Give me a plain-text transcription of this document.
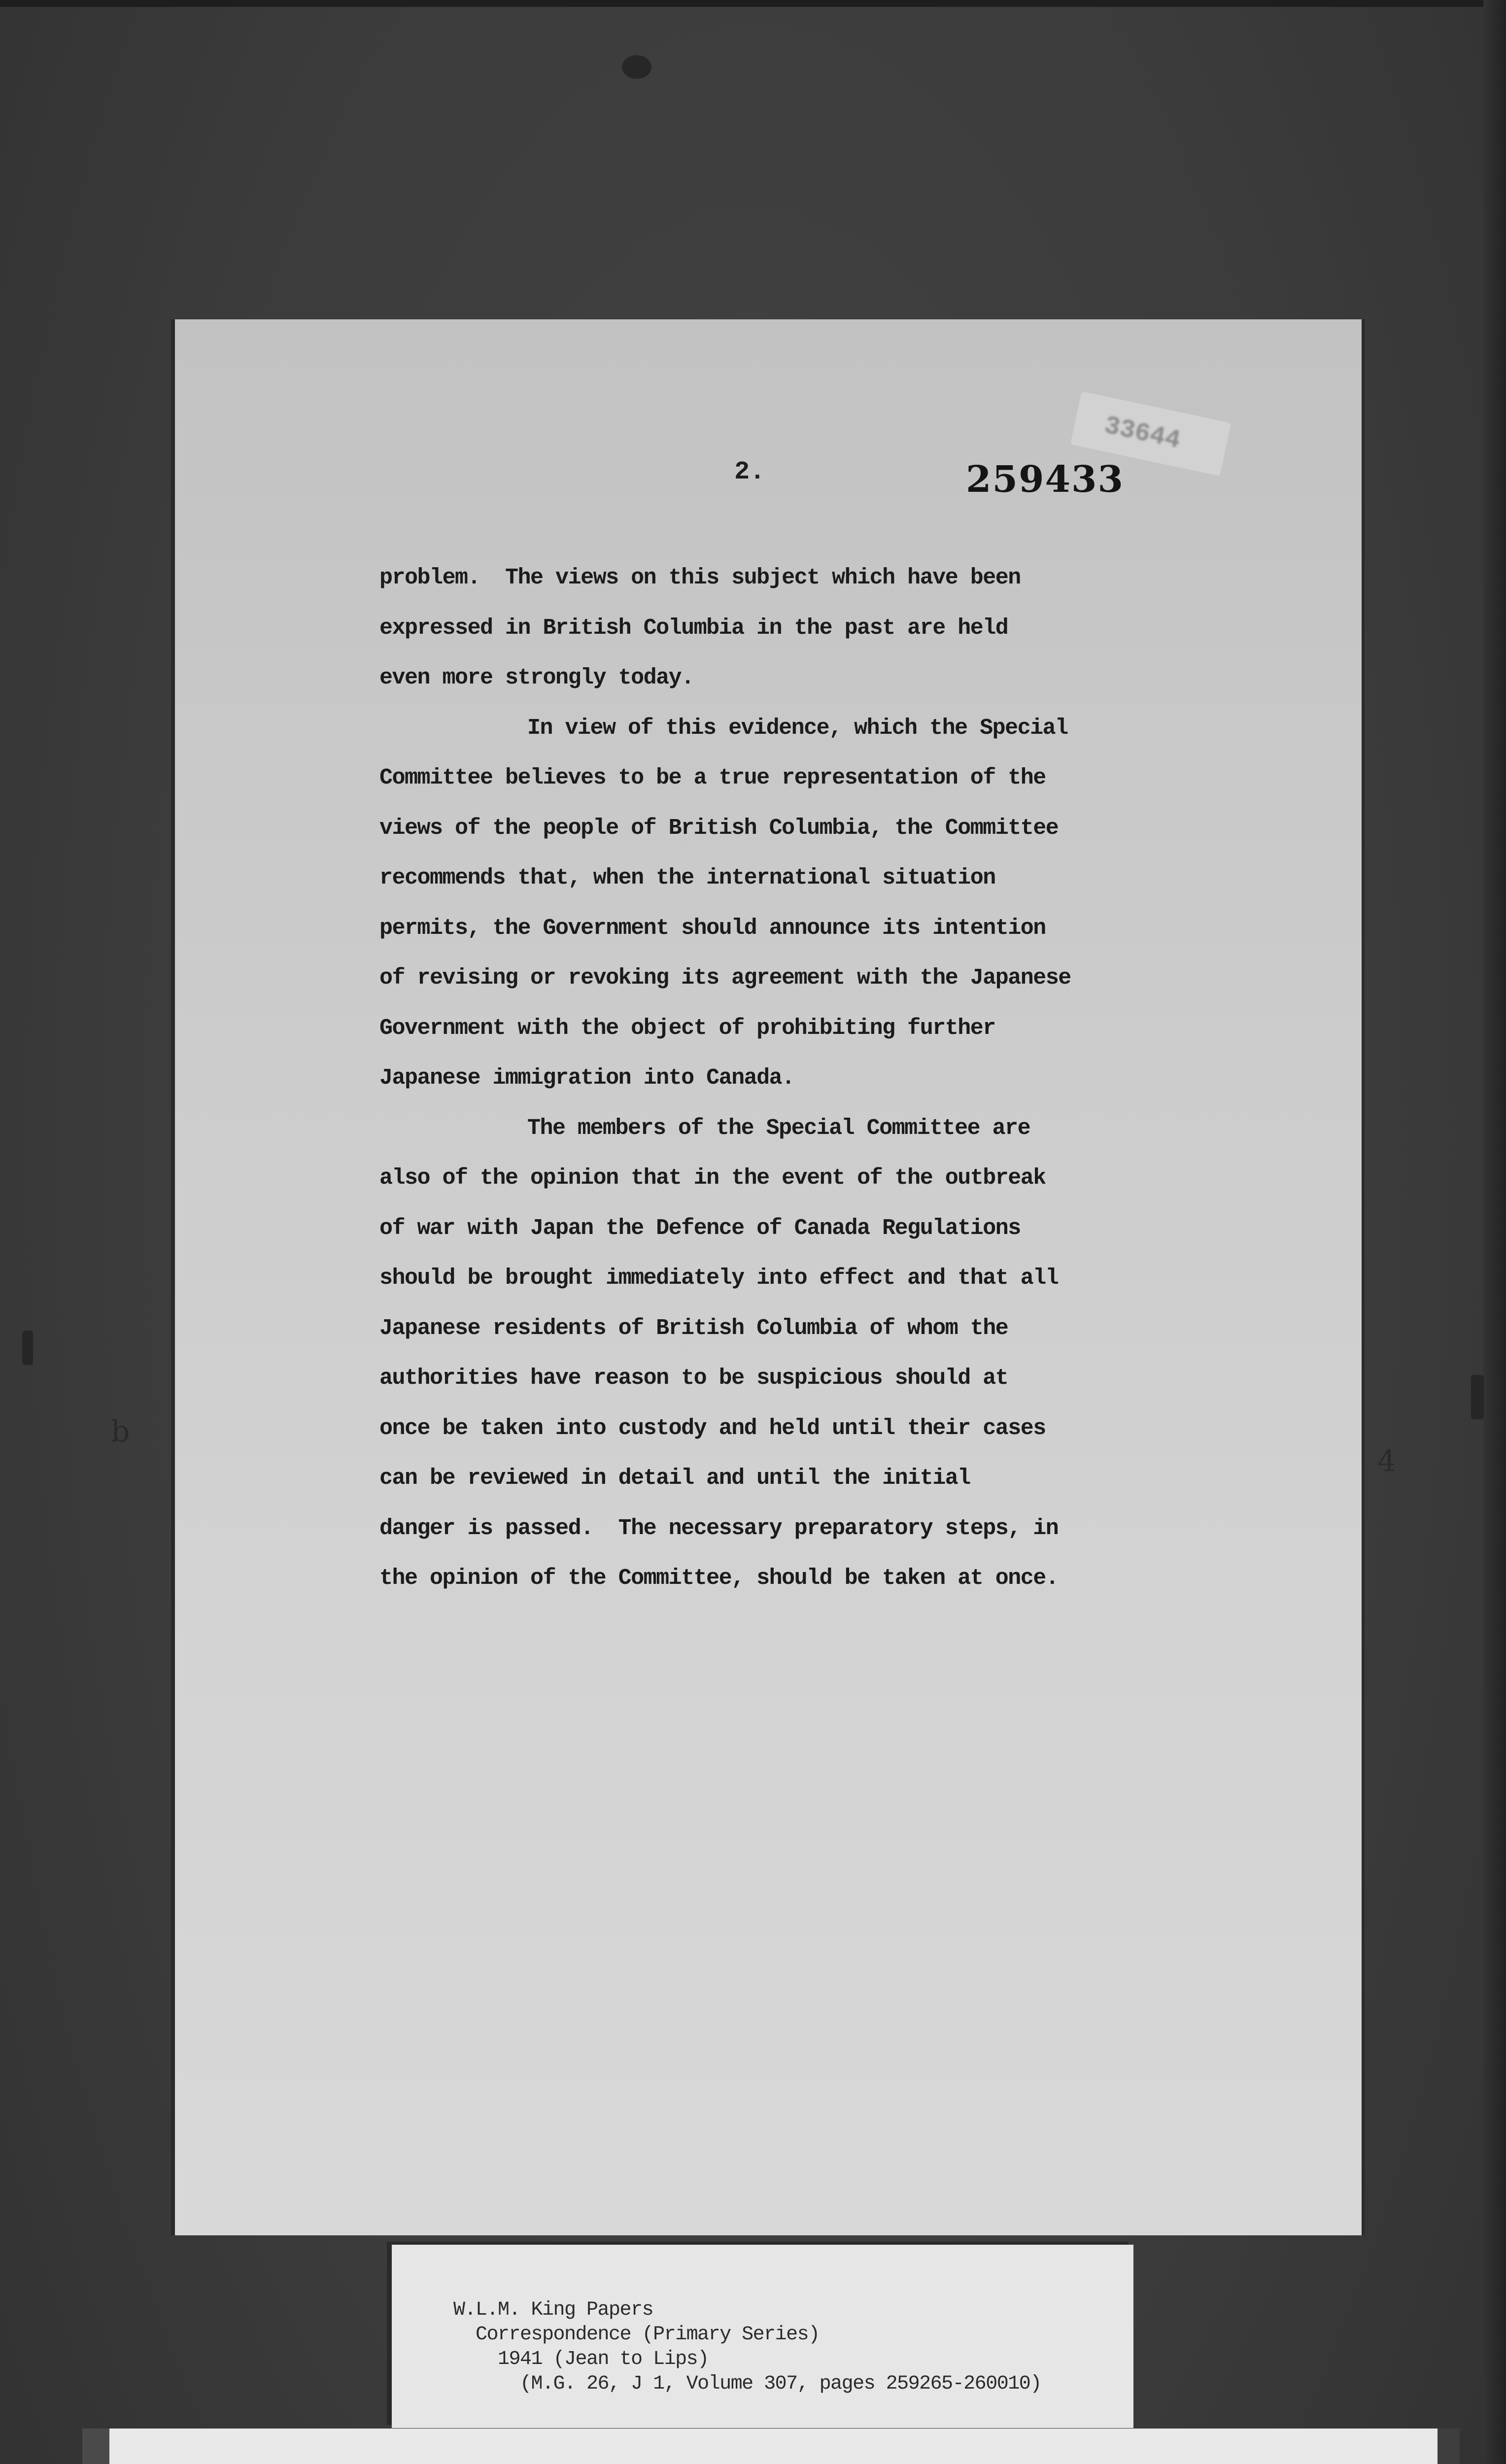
b
4
33644
2.	259433
problem.  The views on this subject which have been
expressed in British Columbia in the past are held
even more strongly today.
In view of this evidence, which the Special
Committee believes to be a true representation of the
views of the people of British Columbia, the Committee
recommends that, when the international situation
permits, the Government should announce its intention
of revising or revoking its agreement with the Japanese
Government with the object of prohibiting further
Japanese immigration into Canada.
The members of the Special Committee are
also of the opinion that in the event of the outbreak
of war with Japan the Defence of Canada Regulations
should be brought immediately into effect and that all
Japanese residents of British Columbia of whom the
authorities have reason to be suspicious should at
once be taken into custody and held until their cases
can be reviewed in detail and until the initial
danger is passed.  The necessary preparatory steps, in
the opinion of the Committee, should be taken at once.
W.L.M. King Papers
Correspondence (Primary Series)
1941 (Jean to Lips)
(M.G. 26, J 1, Volume 307, pages 259265-260010)
